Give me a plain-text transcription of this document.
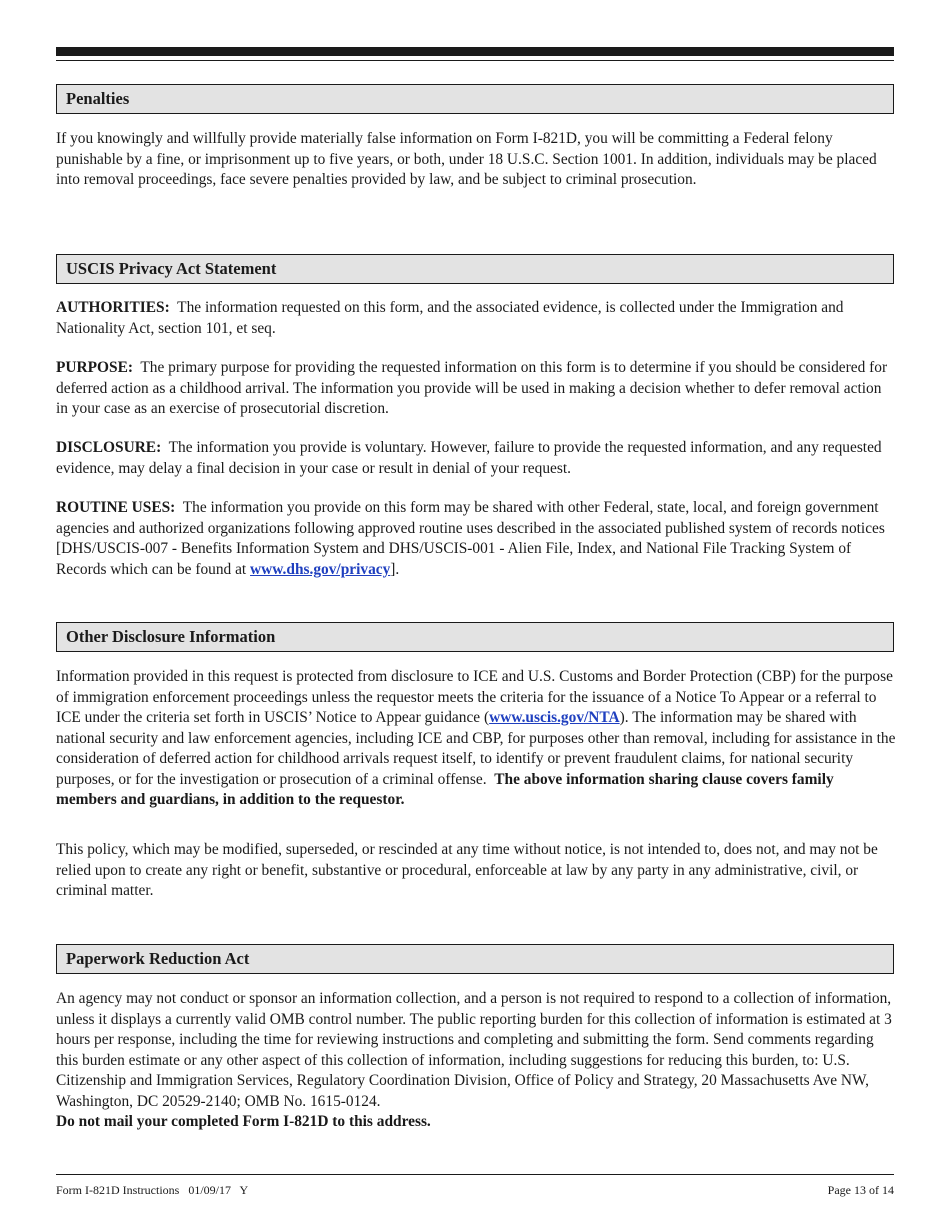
Penalties

If you knowingly and willfully provide materially false information on Form I-821D, you will be committing a Federal felony punishable by a fine, or imprisonment up to five years, or both, under 18 U.S.C. Section 1001. In addition, individuals may be placed into removal proceedings, face severe penalties provided by law, and be subject to criminal prosecution.

USCIS Privacy Act Statement

AUTHORITIES: The information requested on this form, and the associated evidence, is collected under the Immigration and Nationality Act, section 101, et seq.

PURPOSE: The primary purpose for providing the requested information on this form is to determine if you should be considered for deferred action as a childhood arrival. The information you provide will be used in making a decision whether to defer removal action in your case as an exercise of prosecutorial discretion.

DISCLOSURE: The information you provide is voluntary. However, failure to provide the requested information, and any requested evidence, may delay a final decision in your case or result in denial of your request.

ROUTINE USES: The information you provide on this form may be shared with other Federal, state, local, and foreign government agencies and authorized organizations following approved routine uses described in the associated published system of records notices [DHS/USCIS-007 - Benefits Information System and DHS/USCIS-001 - Alien File, Index, and National File Tracking System of Records which can be found at www.dhs.gov/privacy].

Other Disclosure Information

Information provided in this request is protected from disclosure to ICE and U.S. Customs and Border Protection (CBP) for the purpose of immigration enforcement proceedings unless the requestor meets the criteria for the issuance of a Notice To Appear or a referral to ICE under the criteria set forth in USCIS’ Notice to Appear guidance (www.uscis.gov/NTA). The information may be shared with national security and law enforcement agencies, including ICE and CBP, for purposes other than removal, including for assistance in the consideration of deferred action for childhood arrivals request itself, to identify or prevent fraudulent claims, for national security purposes, or for the investigation or prosecution of a criminal offense. The above information sharing clause covers family members and guardians, in addition to the requestor.

This policy, which may be modified, superseded, or rescinded at any time without notice, is not intended to, does not, and may not be relied upon to create any right or benefit, substantive or procedural, enforceable at law by any party in any administrative, civil, or criminal matter.

Paperwork Reduction Act

An agency may not conduct or sponsor an information collection, and a person is not required to respond to a collection of information, unless it displays a currently valid OMB control number. The public reporting burden for this collection of information is estimated at 3 hours per response, including the time for reviewing instructions and completing and submitting the form. Send comments regarding this burden estimate or any other aspect of this collection of information, including suggestions for reducing this burden, to: U.S. Citizenship and Immigration Services, Regulatory Coordination Division, Office of Policy and Strategy, 20 Massachusetts Ave NW, Washington, DC 20529-2140; OMB No. 1615-0124.
Do not mail your completed Form I-821D to this address.

Form I-821D Instructions   01/09/17   Y	Page 13 of 14
